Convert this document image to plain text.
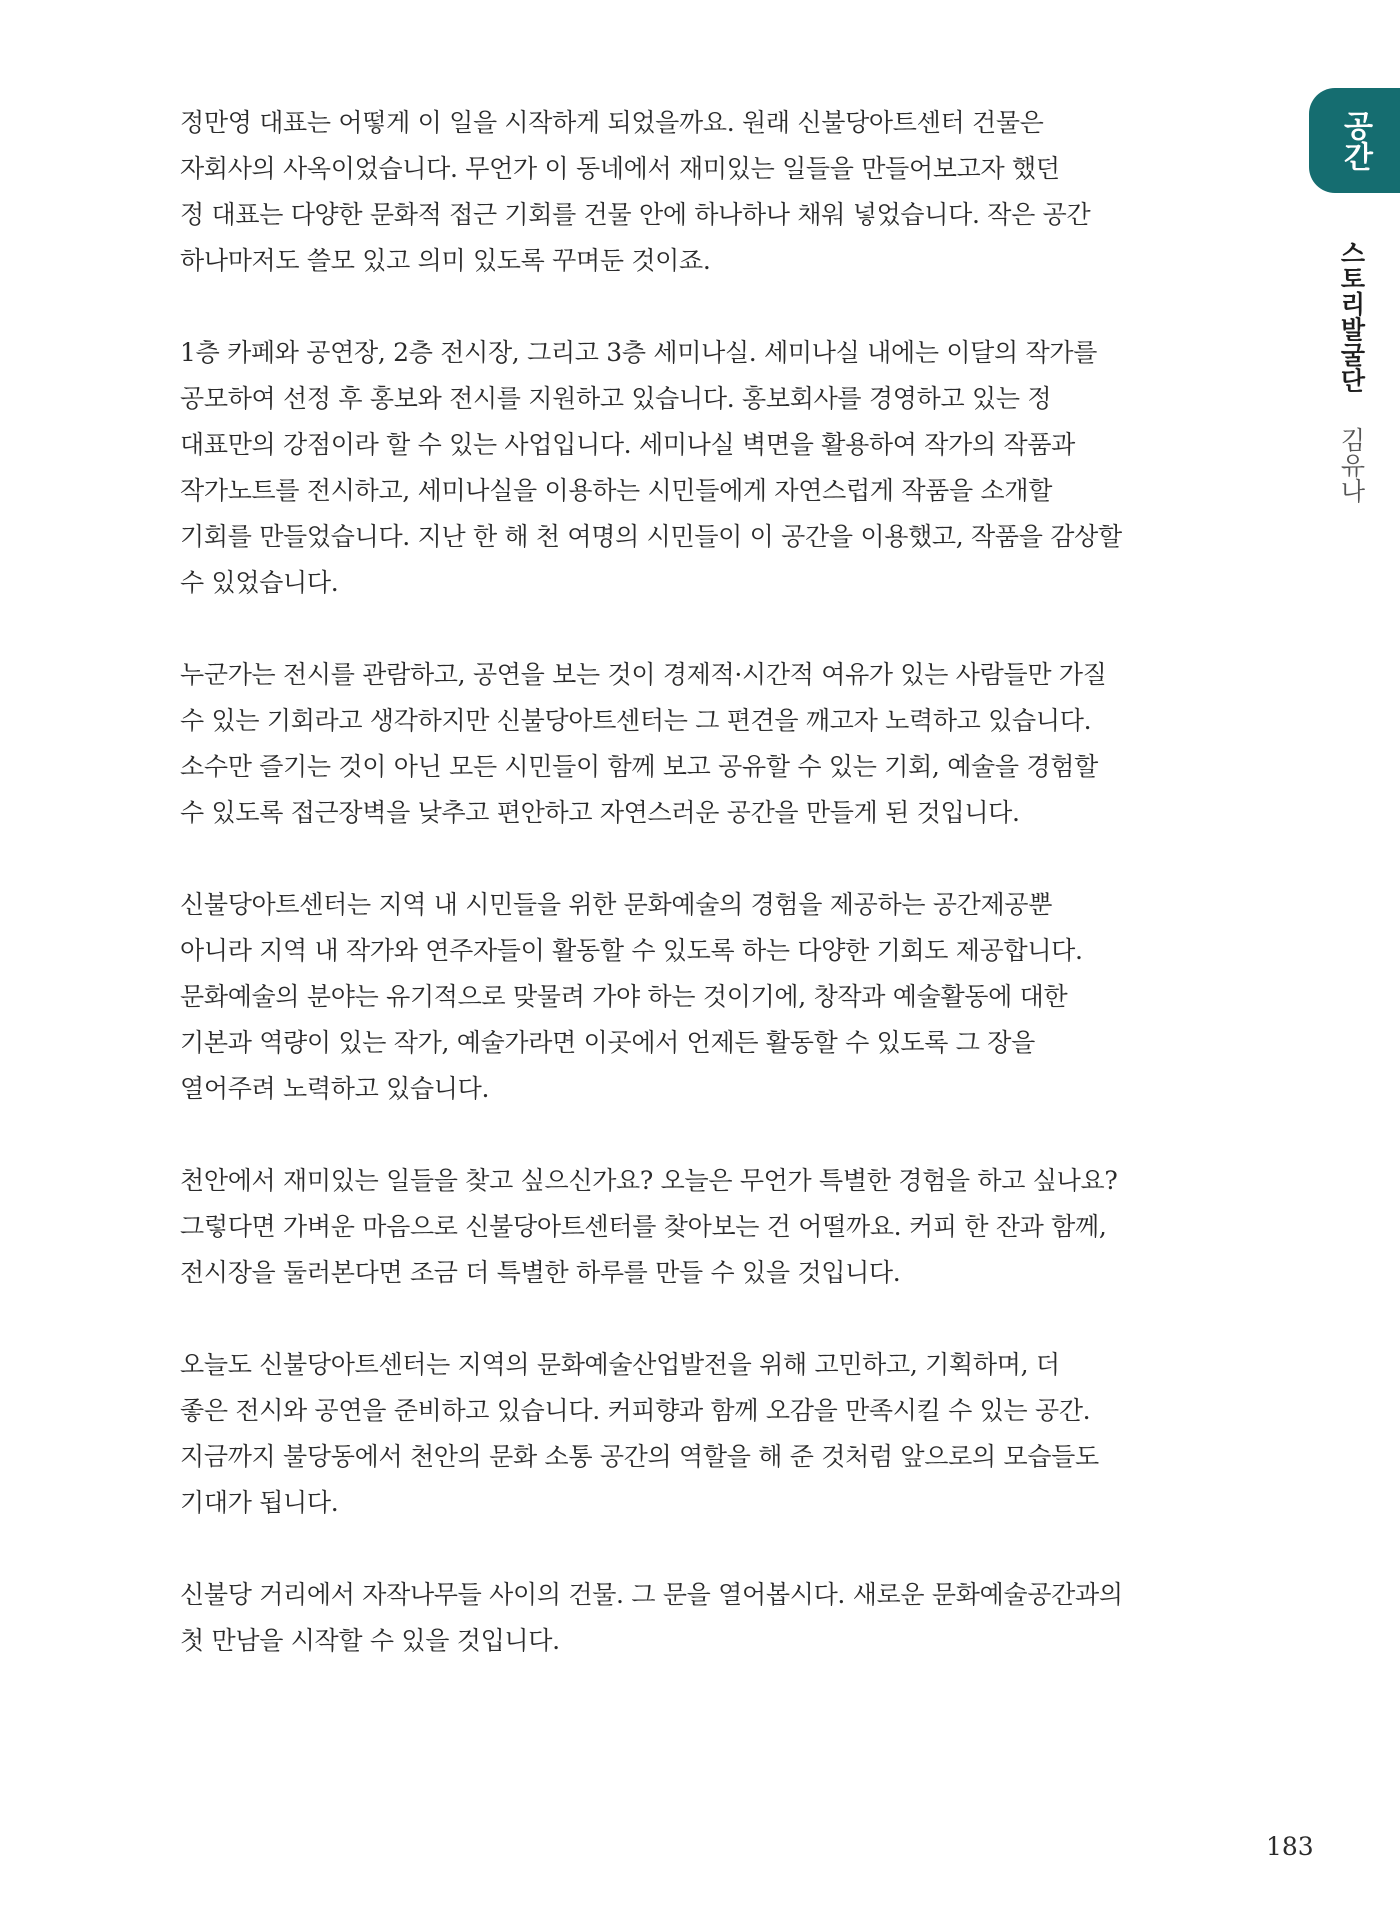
공간
스토리발굴단 김유나

정만영 대표는 어떻게 이 일을 시작하게 되었을까요. 원래 신불당아트센터 건물은
자회사의 사옥이었습니다. 무언가 이 동네에서 재미있는 일들을 만들어보고자 했던
정 대표는 다양한 문화적 접근 기회를 건물 안에 하나하나 채워 넣었습니다. 작은 공간
하나마저도 쓸모 있고 의미 있도록 꾸며둔 것이죠.

1층 카페와 공연장, 2층 전시장, 그리고 3층 세미나실. 세미나실 내에는 이달의 작가를
공모하여 선정 후 홍보와 전시를 지원하고 있습니다. 홍보회사를 경영하고 있는 정
대표만의 강점이라 할 수 있는 사업입니다. 세미나실 벽면을 활용하여 작가의 작품과
작가노트를 전시하고, 세미나실을 이용하는 시민들에게 자연스럽게 작품을 소개할
기회를 만들었습니다. 지난 한 해 천 여명의 시민들이 이 공간을 이용했고, 작품을 감상할
수 있었습니다.

누군가는 전시를 관람하고, 공연을 보는 것이 경제적·시간적 여유가 있는 사람들만 가질
수 있는 기회라고 생각하지만 신불당아트센터는 그 편견을 깨고자 노력하고 있습니다.
소수만 즐기는 것이 아닌 모든 시민들이 함께 보고 공유할 수 있는 기회, 예술을 경험할
수 있도록 접근장벽을 낮추고 편안하고 자연스러운 공간을 만들게 된 것입니다.

신불당아트센터는 지역 내 시민들을 위한 문화예술의 경험을 제공하는 공간제공뿐
아니라 지역 내 작가와 연주자들이 활동할 수 있도록 하는 다양한 기회도 제공합니다.
문화예술의 분야는 유기적으로 맞물려 가야 하는 것이기에, 창작과 예술활동에 대한
기본과 역량이 있는 작가, 예술가라면 이곳에서 언제든 활동할 수 있도록 그 장을
열어주려 노력하고 있습니다.

천안에서 재미있는 일들을 찾고 싶으신가요? 오늘은 무언가 특별한 경험을 하고 싶나요?
그렇다면 가벼운 마음으로 신불당아트센터를 찾아보는 건 어떨까요. 커피 한 잔과 함께,
전시장을 둘러본다면 조금 더 특별한 하루를 만들 수 있을 것입니다.

오늘도 신불당아트센터는 지역의 문화예술산업발전을 위해 고민하고, 기획하며, 더
좋은 전시와 공연을 준비하고 있습니다. 커피향과 함께 오감을 만족시킬 수 있는 공간.
지금까지 불당동에서 천안의 문화 소통 공간의 역할을 해 준 것처럼 앞으로의 모습들도
기대가 됩니다.

신불당 거리에서 자작나무들 사이의 건물. 그 문을 열어봅시다. 새로운 문화예술공간과의
첫 만남을 시작할 수 있을 것입니다.

183
